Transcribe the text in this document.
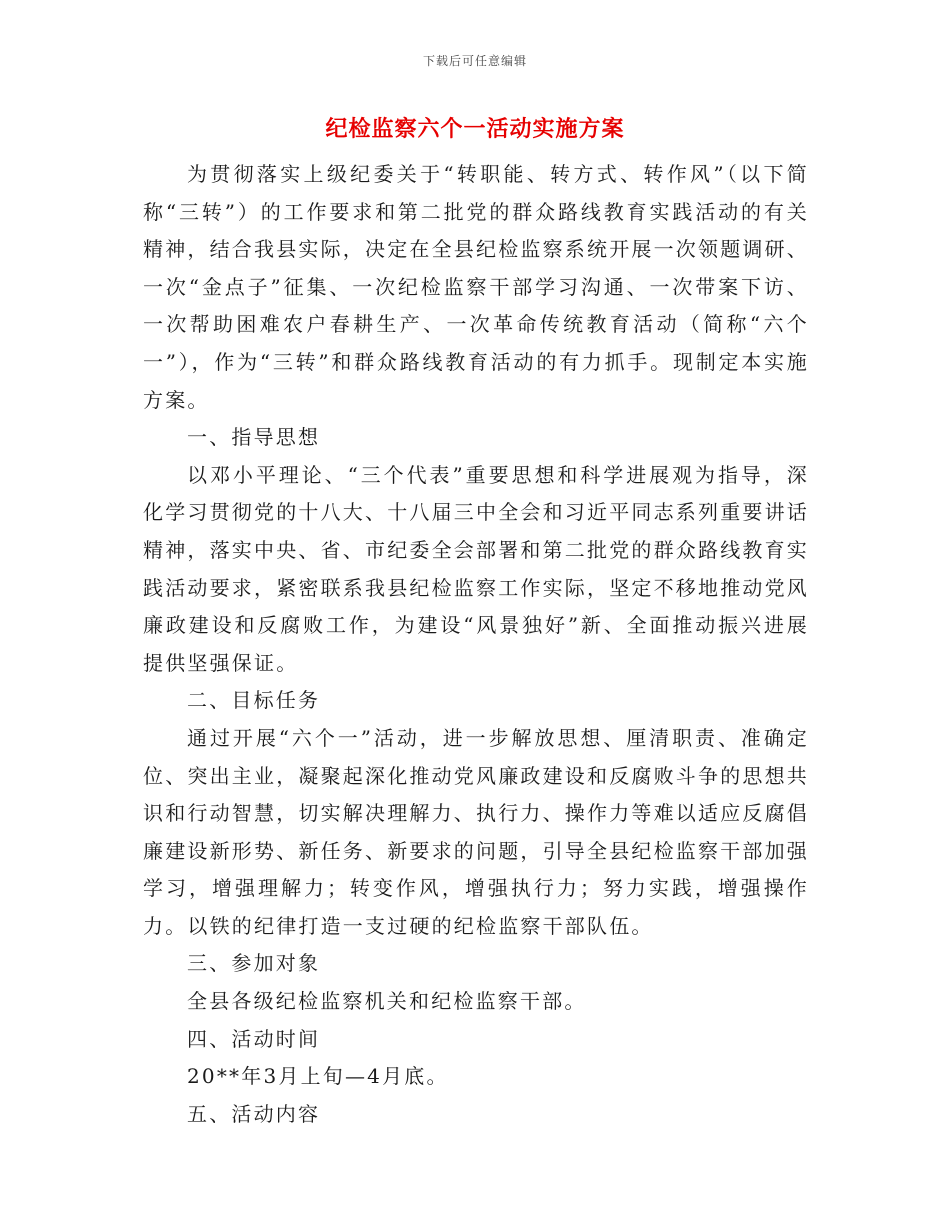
下载后可任意编辑
纪检监察六个一活动实施方案

为贯彻落实上级纪委关于“转职能、转方式、转作风”（以下简称“三转”）的工作要求和第二批党的群众路线教育实践活动的有关精神，结合我县实际，决定在全县纪检监察系统开展一次领题调研、一次“金点子”征集、一次纪检监察干部学习沟通、一次带案下访、一次帮助困难农户春耕生产、一次革命传统教育活动（简称“六个一”），作为“三转”和群众路线教育活动的有力抓手。现制定本实施方案。

一、指导思想

以邓小平理论、“三个代表”重要思想和科学进展观为指导，深化学习贯彻党的十八大、十八届三中全会和习近平同志系列重要讲话精神，落实中央、省、市纪委全会部署和第二批党的群众路线教育实践活动要求，紧密联系我县纪检监察工作实际，坚定不移地推动党风廉政建设和反腐败工作，为建设“风景独好”新、全面推动振兴进展提供坚强保证。

二、目标任务

通过开展“六个一”活动，进一步解放思想、厘清职责、准确定位、突出主业，凝聚起深化推动党风廉政建设和反腐败斗争的思想共识和行动智慧，切实解决理解力、执行力、操作力等难以适应反腐倡廉建设新形势、新任务、新要求的问题，引导全县纪检监察干部加强学习，增强理解力；转变作风，增强执行力；努力实践，增强操作力。以铁的纪律打造一支过硬的纪检监察干部队伍。

三、参加对象

全县各级纪检监察机关和纪检监察干部。

四、活动时间

20**年3月上旬—4月底。

五、活动内容
